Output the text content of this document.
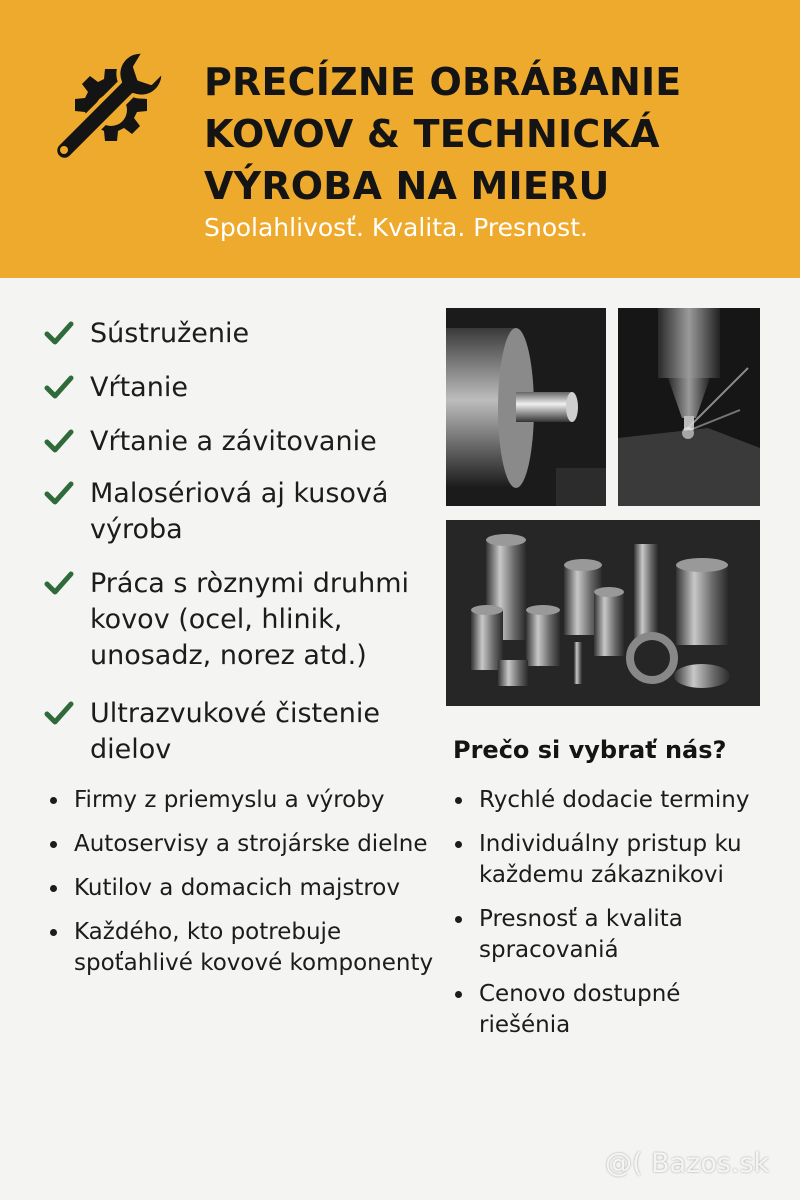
PRECÍZNE OBRÁBANIE
KOVOV & TECHNICKÁ
VÝROBA NA MIERU
Spolahlivosť. Kvalita. Presnost.
Sústruženie
Vŕtanie
Vŕtanie a závitovanie
Malosériová aj kusová výroba
Práca s ròznymi druhmi kovov (ocel, hlinik, unosadz, norez atd.)
Ultrazvukové čistenie dielov	Prečo si vybrať nás?
Firmy z priemyslu a výroby
Autoservisy a strojárske dielne
Kutilov a domacich majstrov
Každého, kto potrebuje spoťahlivé kovové komponenty
Rychlé dodacie terminy
Individuálny pristup ku každemu zákaznikovi
Presnosť a kvalita spracovaniá
Cenovo dostupné riešénia
@( Bazos.sk
